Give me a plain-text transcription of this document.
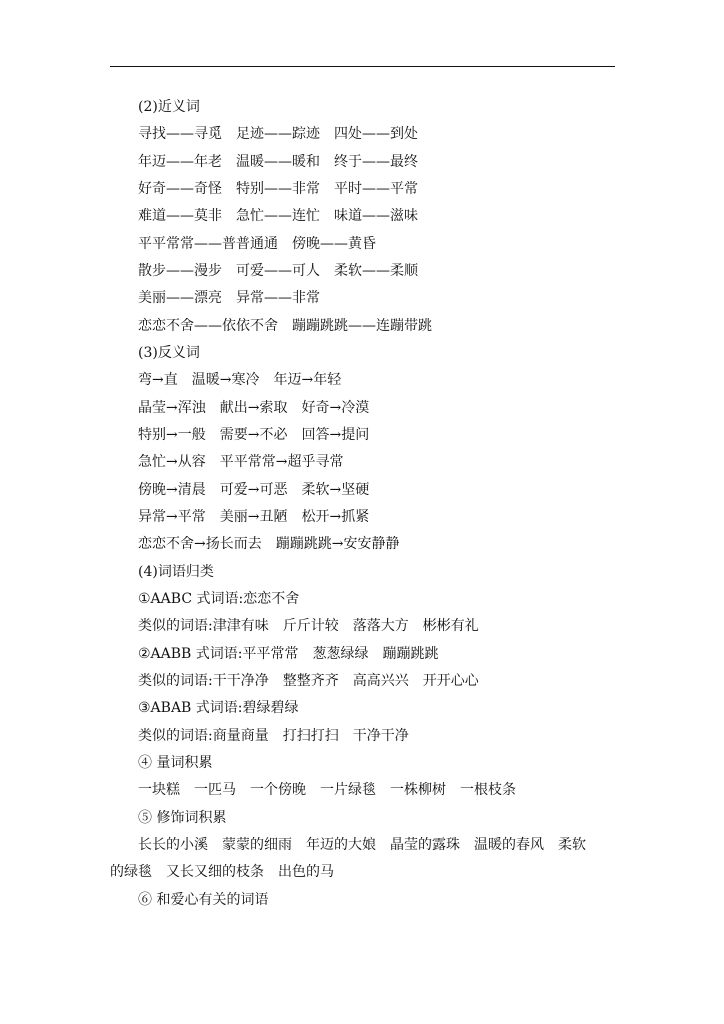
(2)近义词
寻找——寻觅　足迹——踪迹　四处——到处
年迈——年老　温暖——暖和　终于——最终
好奇——奇怪　特别——非常　平时——平常
难道——莫非　急忙——连忙　味道——滋味
平平常常——普普通通　傍晚——黄昏
散步——漫步　可爱——可人　柔软——柔顺
美丽——漂亮　异常——非常
恋恋不舍——依依不舍　蹦蹦跳跳——连蹦带跳
(3)反义词
弯→直　温暖→寒冷　年迈→年轻
晶莹→浑浊　献出→索取　好奇→冷漠
特别→一般　需要→不必　回答→提问
急忙→从容　平平常常→超乎寻常
傍晚→清晨　可爱→可恶　柔软→坚硬
异常→平常　美丽→丑陋　松开→抓紧
恋恋不舍→扬长而去　蹦蹦跳跳→安安静静
(4)词语归类
①AABC 式词语:恋恋不舍
类似的词语:津津有味　斤斤计较　落落大方　彬彬有礼
②AABB 式词语:平平常常　葱葱绿绿　蹦蹦跳跳
类似的词语:干干净净　整整齐齐　高高兴兴　开开心心
③ABAB 式词语:碧绿碧绿
类似的词语:商量商量　打扫打扫　干净干净
④ 量词积累
一块糕　一匹马　一个傍晚　一片绿毯　一株柳树　一根枝条
⑤ 修饰词积累
长长的小溪　蒙蒙的细雨　年迈的大娘　晶莹的露珠　温暖的春风　柔软
的绿毯　又长又细的枝条　出色的马
⑥ 和爱心有关的词语
